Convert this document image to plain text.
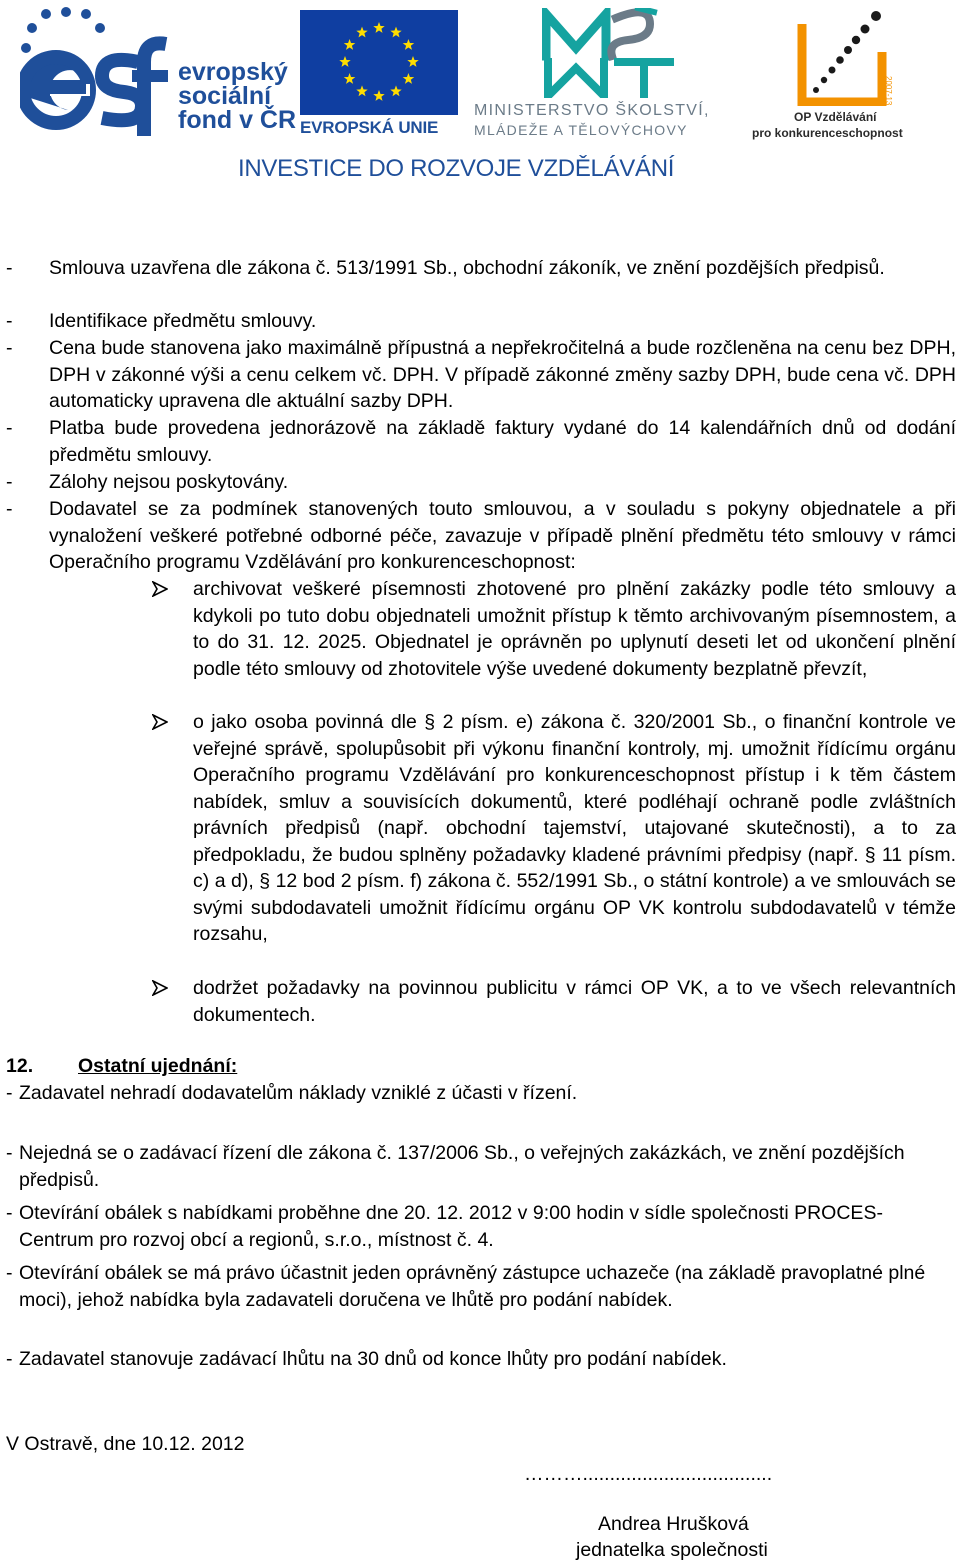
evropský
sociální
fond v ČR EVROPSKÁ UNIE
MINISTERSTVO ŠKOLSTVÍ,
MLÁDEŽE A TĚLOVÝCHOVY
2007-13
OP Vzdělávání
pro konkurenceschopnost
INVESTICE DO ROZVOJE VZDĚLÁVÁNÍ
- Smlouva uzavřena dle zákona č. 513/1991 Sb., obchodní zákoník, ve znění pozdějších předpisů.
- Identifikace předmětu smlouvy.
- Cena bude stanovena jako maximálně přípustná a nepřekročitelná a bude rozčleněna na cenu bez DPH, DPH v zákonné výši a cenu celkem vč. DPH. V případě zákonné změny sazby DPH, bude cena vč. DPH automaticky upravena dle aktuální sazby DPH.
- Platba bude provedena jednorázově na základě faktury vydané do 14 kalendářních dnů od dodání předmětu smlouvy.
- Zálohy nejsou poskytovány.
- Dodavatel se za podmínek stanovených touto smlouvou, a v souladu s pokyny objednatele a při vynaložení veškeré potřebné odborné péče, zavazuje v případě plnění předmětu této smlouvy v rámci Operačního programu Vzdělávání pro konkurenceschopnost:
archivovat veškeré písemnosti zhotovené pro plnění zakázky podle této smlouvy a kdykoli po tuto dobu objednateli umožnit přístup k těmto archivovaným písemnostem, a to do 31. 12. 2025. Objednatel je oprávněn po uplynutí deseti let od ukončení plnění podle této smlouvy od zhotovitele výše uvedené dokumenty bezplatně převzít,
o jako osoba povinná dle § 2 písm. e) zákona č. 320/2001 Sb., o finanční kontrole ve veřejné správě, spolupůsobit při výkonu finanční kontroly, mj. umožnit řídícímu orgánu Operačního programu Vzdělávání pro konkurenceschopnost přístup i k těm částem nabídek, smluv a souvisících dokumentů, které podléhají ochraně podle zvláštních právních předpisů (např. obchodní tajemství, utajované skutečnosti), a to za předpokladu, že budou splněny požadavky kladené právními předpisy (např. § 11 písm. c) a d), § 12 bod 2 písm. f) zákona č. 552/1991 Sb., o státní kontrole) a ve smlouvách se svými subdodavateli umožnit řídícímu orgánu OP VK kontrolu subdodavatelů v témže rozsahu,
dodržet požadavky na povinnou publicitu v rámci OP VK, a to ve všech relevantních dokumentech.
12. Ostatní ujednání:
- Zadavatel nehradí dodavatelům náklady vzniklé z účasti v řízení.
- Nejedná se o zadávací řízení dle zákona č. 137/2006 Sb., o veřejných zakázkách, ve znění pozdějších předpisů.
- Otevírání obálek s nabídkami proběhne dne 20. 12. 2012 v 9:00 hodin v sídle společnosti PROCES-Centrum pro rozvoj obcí a regionů, s.r.o., místnost č. 4.
- Otevírání obálek se má právo účastnit jeden oprávněný zástupce uchazeče (na základě pravoplatné plné moci), jehož nabídka byla zadavateli doručena ve lhůtě pro podání nabídek.
- Zadavatel stanovuje zadávací lhůtu na 30 dnů od konce lhůty pro podání nabídek.
V Ostravě, dne 10.12. 2012
………...................................
Andrea Hrušková
jednatelka společnosti
